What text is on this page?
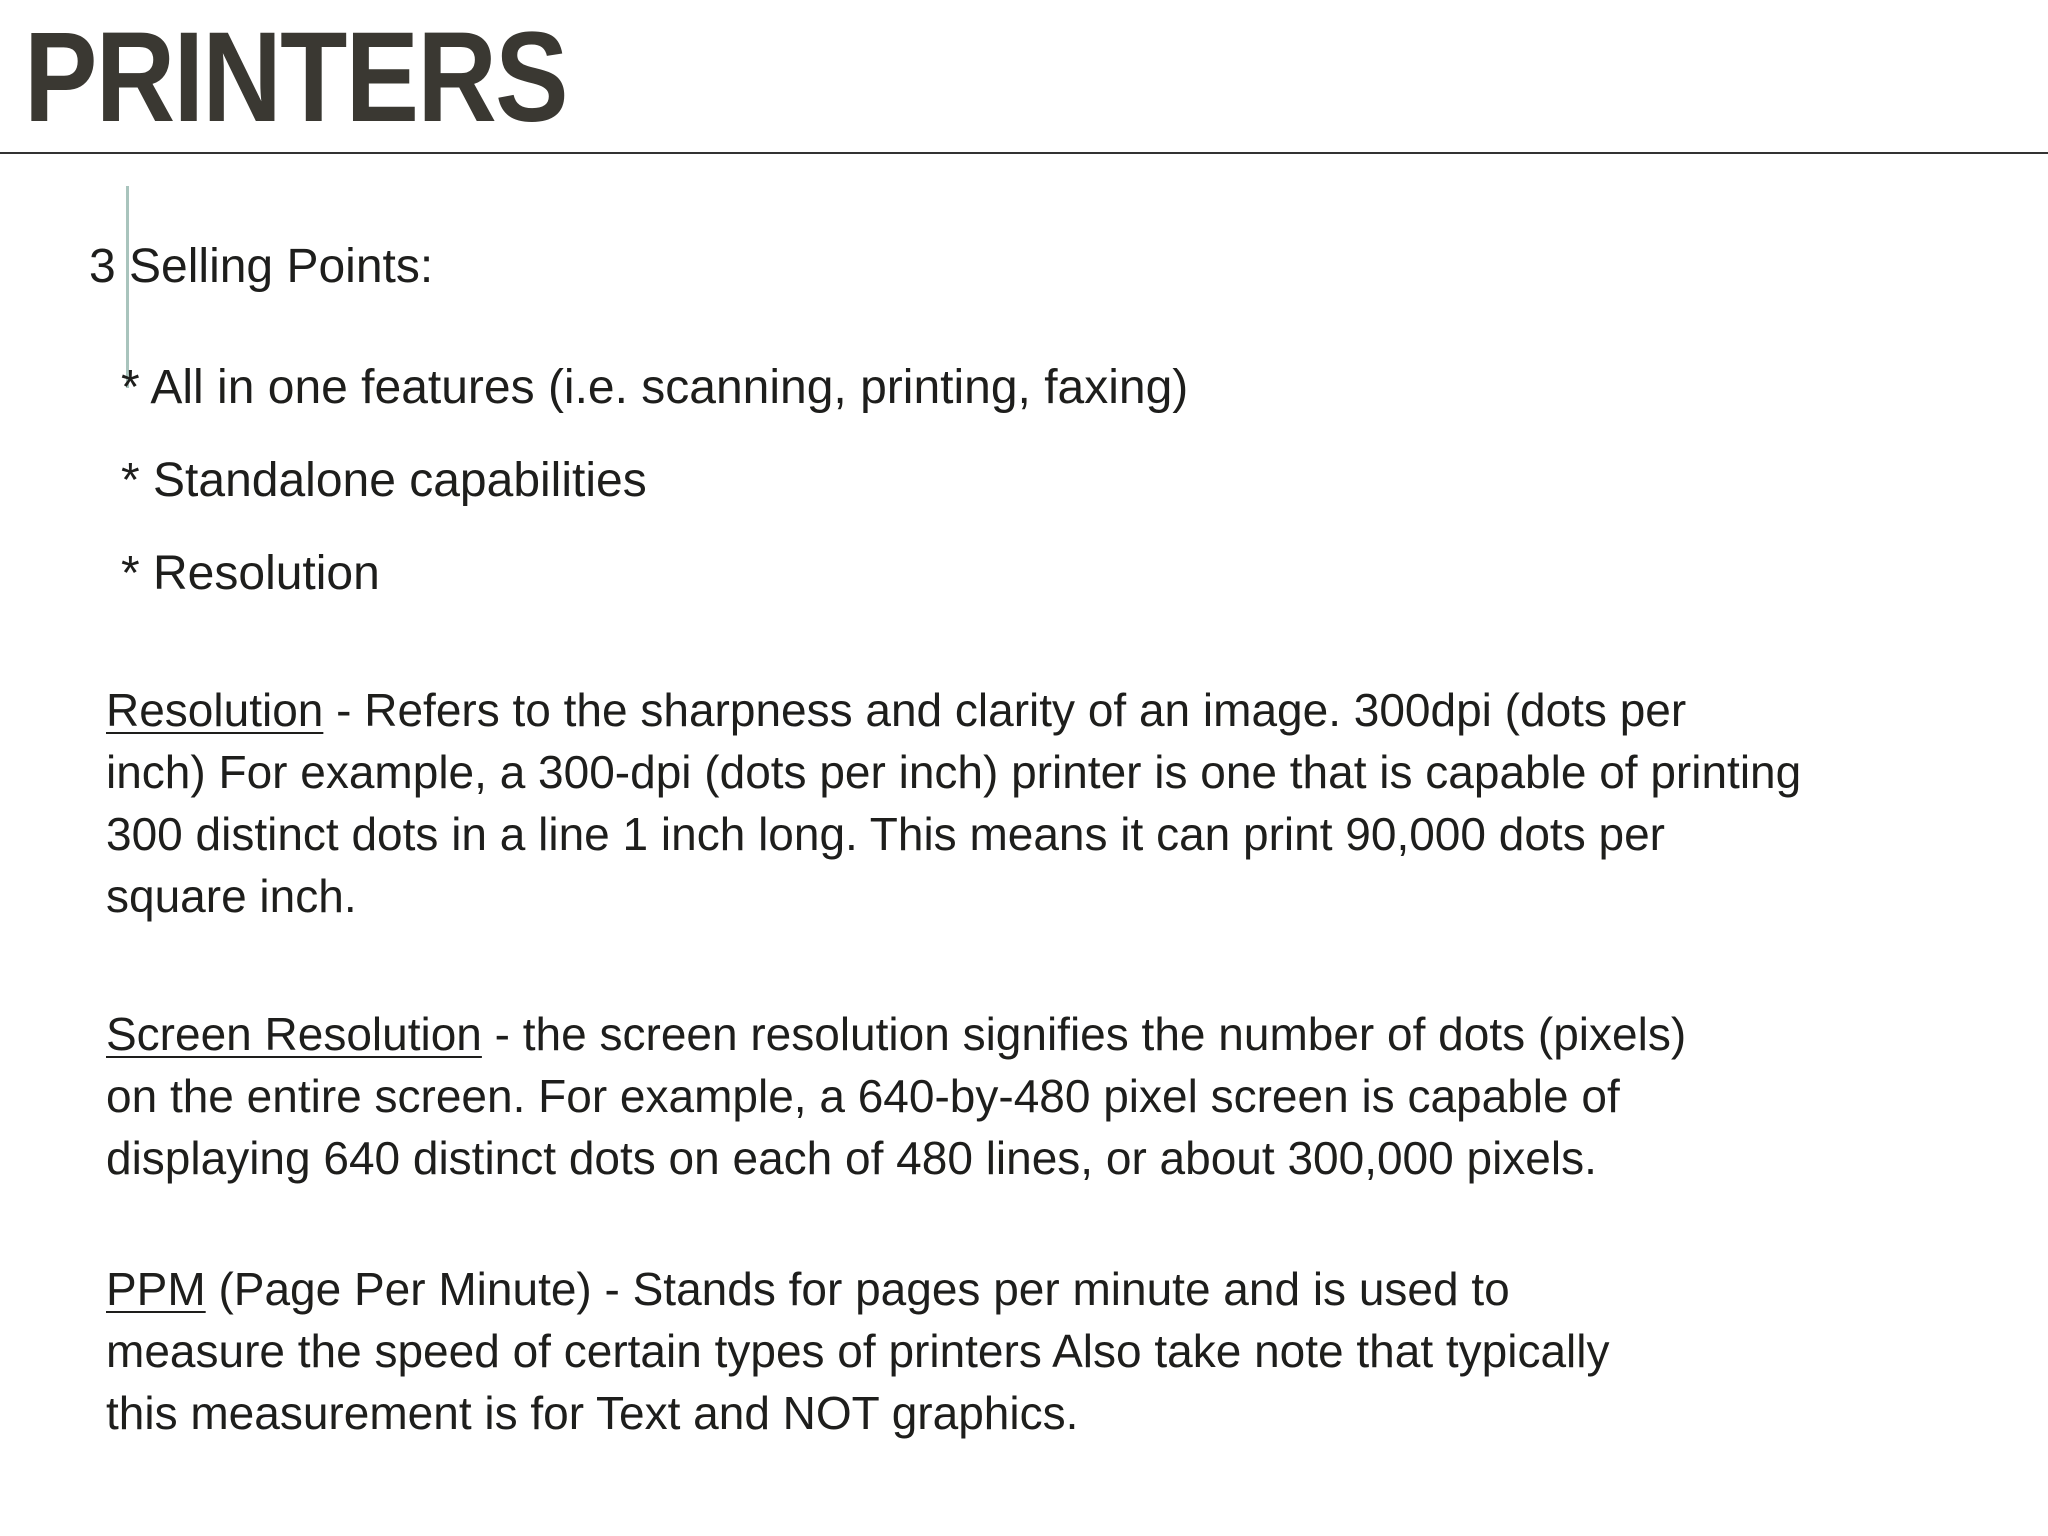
PRINTERS
3 Selling Points:
* All in one features (i.e. scanning, printing, faxing)
* Standalone capabilities
* Resolution

Resolution - Refers to the sharpness and clarity of an image. 300dpi (dots per
inch) For example, a 300-dpi (dots per inch) printer is one that is capable of printing
300 distinct dots in a line 1 inch long. This means it can print 90,000 dots per
square inch.

Screen Resolution - the screen resolution signifies the number of dots (pixels)
on the entire screen. For example, a 640-by-480 pixel screen is capable of
displaying 640 distinct dots on each of 480 lines, or about 300,000 pixels.

PPM (Page Per Minute) - Stands for pages per minute and is used to
measure the speed of certain types of printers Also take note that typically
this measurement is for Text and NOT graphics.
